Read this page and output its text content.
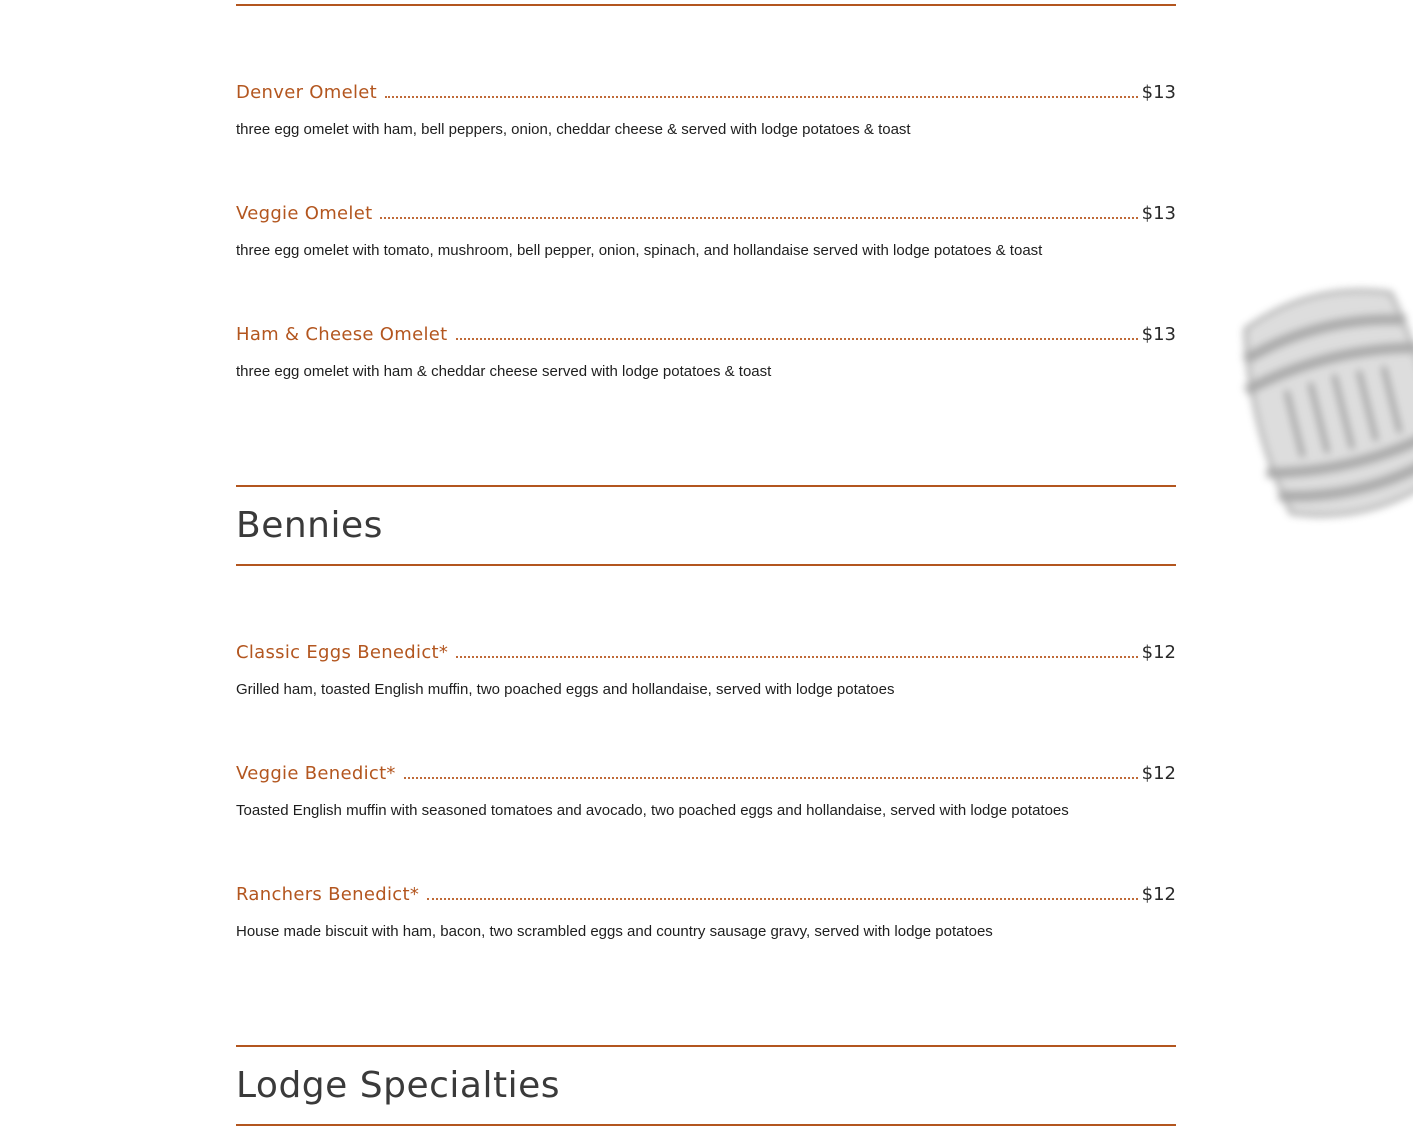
Denver Omelet	$13
three egg omelet with ham, bell peppers, onion, cheddar cheese & served with lodge potatoes & toast
Veggie Omelet	$13
three egg omelet with tomato, mushroom, bell pepper, onion, spinach, and hollandaise served with lodge potatoes & toast
Ham & Cheese Omelet	$13
three egg omelet with ham & cheddar cheese served with lodge potatoes & toast
Bennies
Classic Eggs Benedict*	$12
Grilled ham, toasted English muffin, two poached eggs and hollandaise, served with lodge potatoes
Veggie Benedict*	$12
Toasted English muffin with seasoned tomatoes and avocado, two poached eggs and hollandaise, served with lodge potatoes
Ranchers Benedict*	$12
House made biscuit with ham, bacon, two scrambled eggs and country sausage gravy, served with lodge potatoes
Lodge Specialties
